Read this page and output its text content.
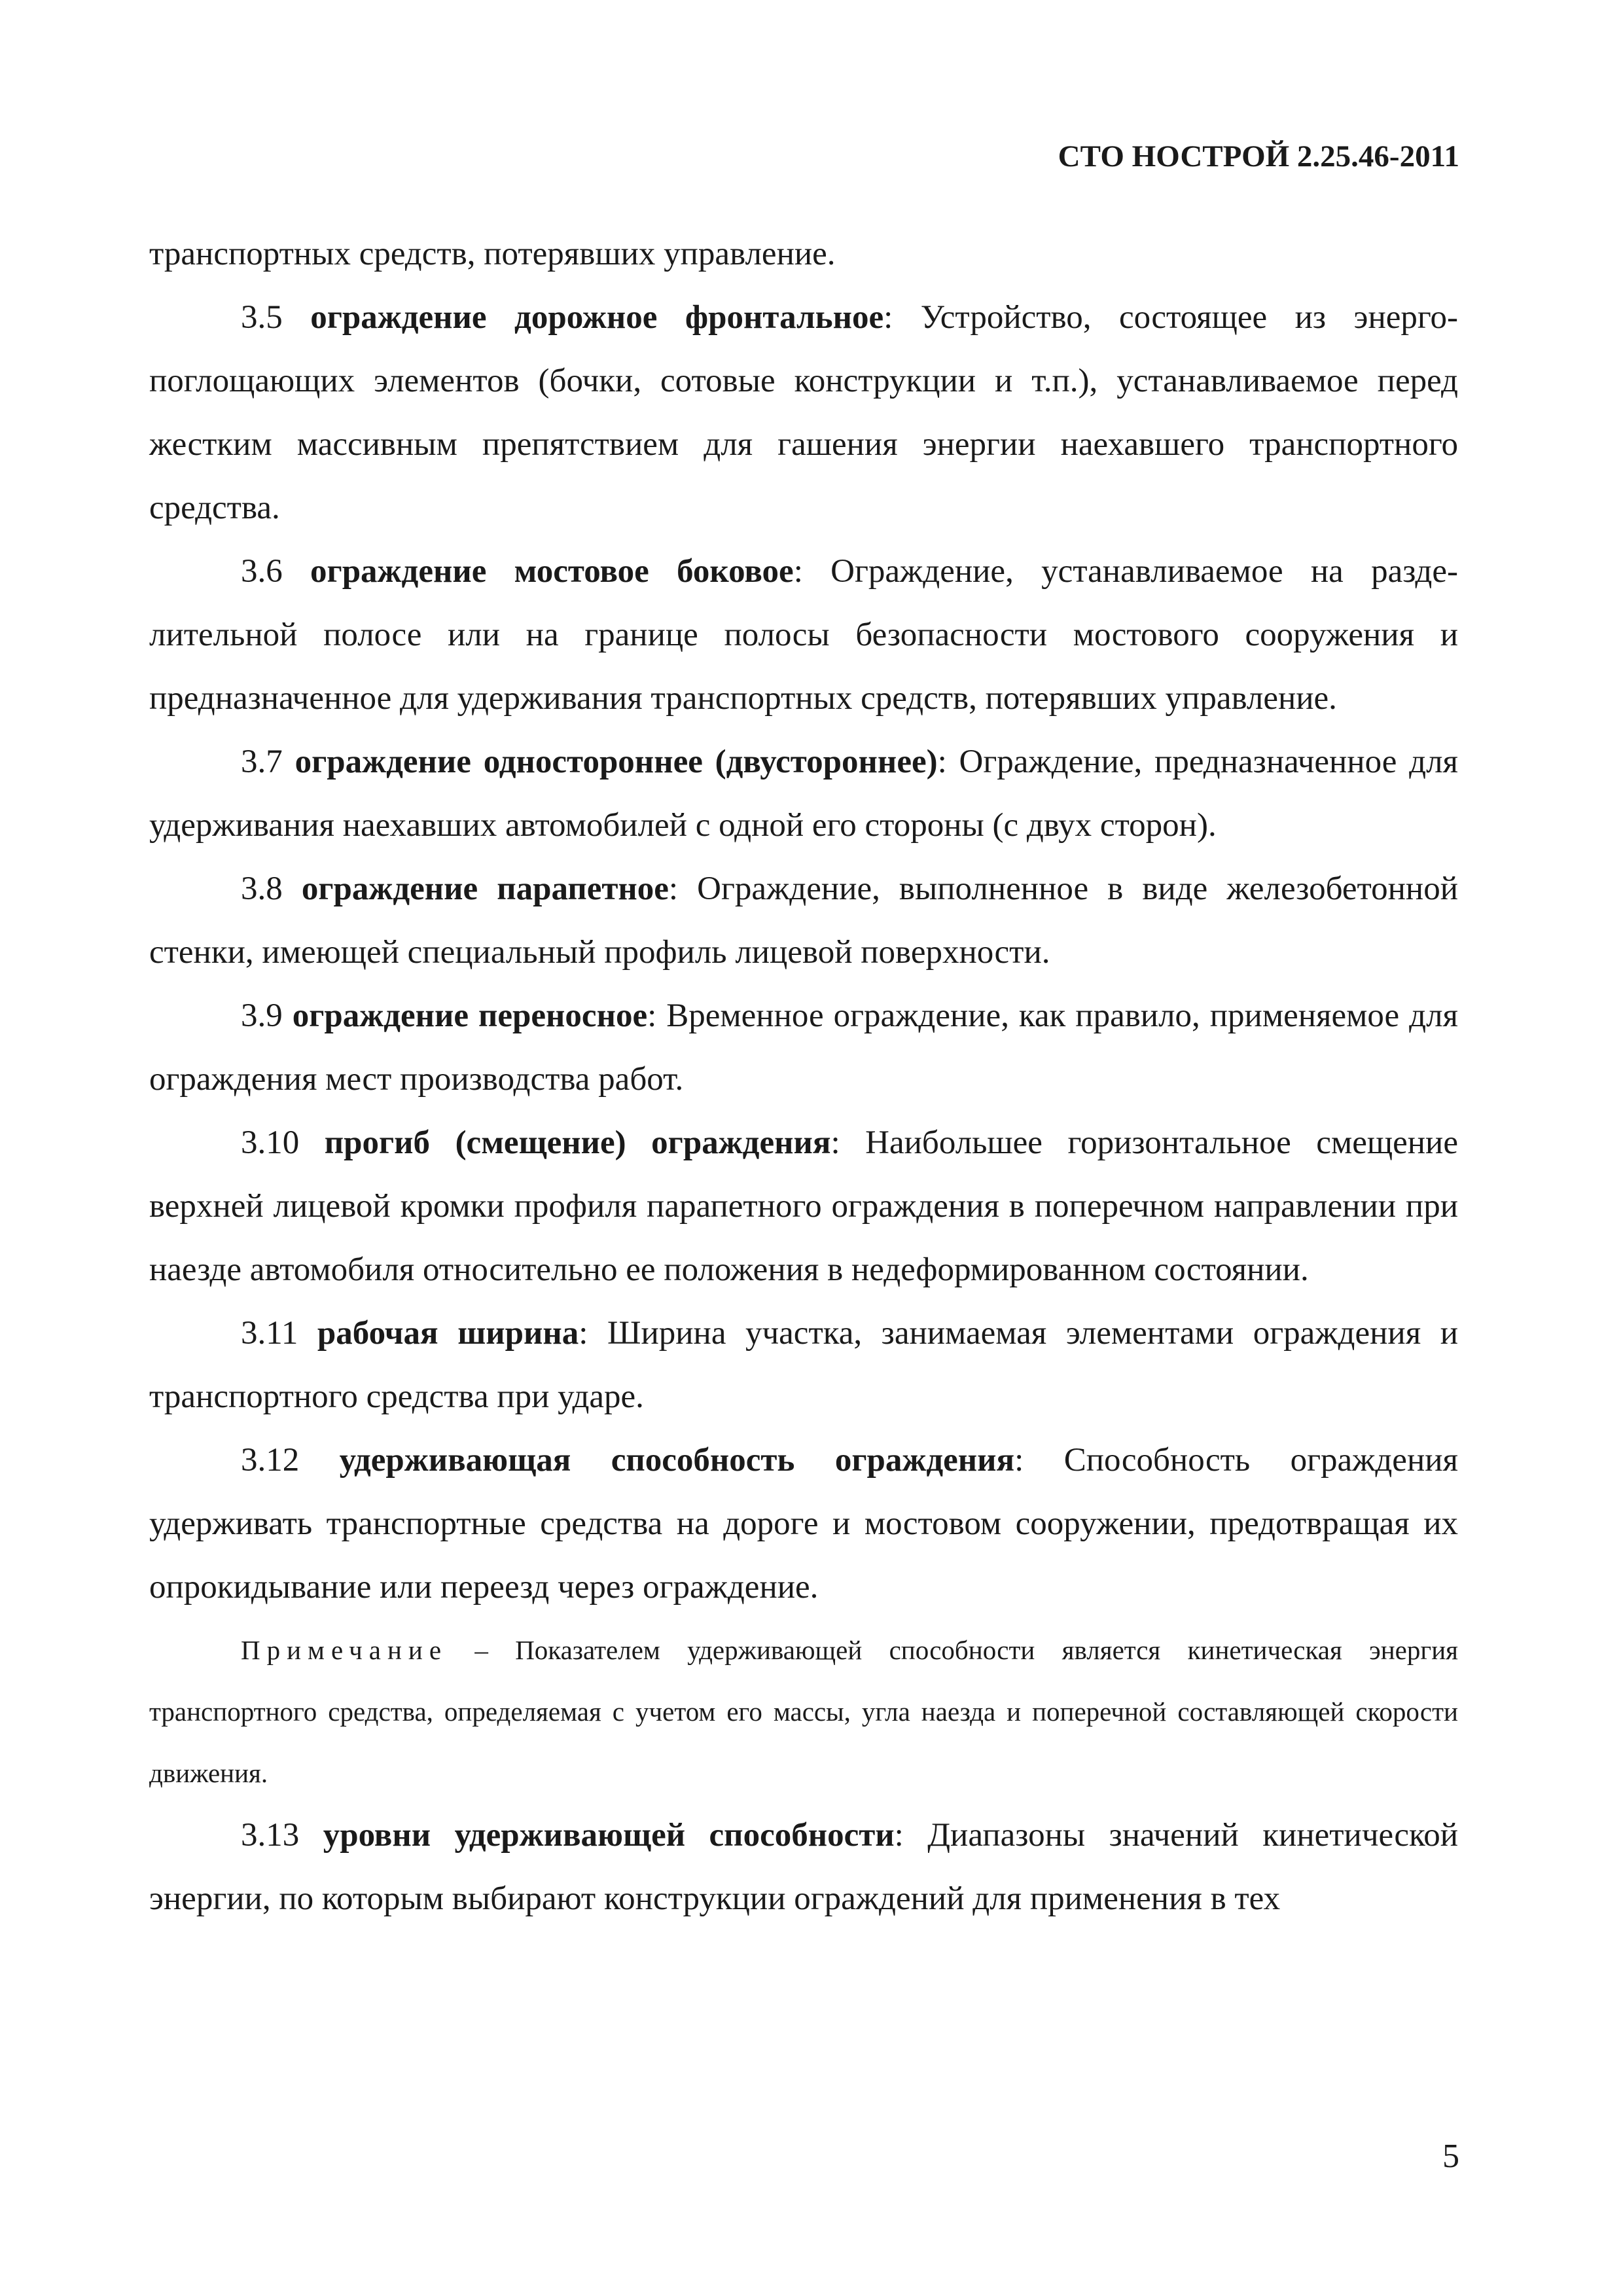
СТО НОСТРОЙ 2.25.46-2011

транспортных средств, потерявших управление.

3.5 ограждение дорожное фронтальное: Устройство, состоящее из энергопоглощающих элементов (бочки, сотовые конструкции и т.п.), устанавливаемое перед жестким массивным препятствием для гашения энергии наехавшего транспортного средства.

3.6 ограждение мостовое боковое: Ограждение, устанавливаемое на разделительной полосе или на границе полосы безопасности мостового сооружения и предназначенное для удерживания транспортных средств, потерявших управление.

3.7 ограждение одностороннее (двустороннее): Ограждение, предназначенное для удерживания наехавших автомобилей с одной его стороны (с двух сторон).

3.8 ограждение парапетное: Ограждение, выполненное в виде железобетонной стенки, имеющей специальный профиль лицевой поверхности.

3.9 ограждение переносное: Временное ограждение, как правило, применяемое для ограждения мест производства работ.

3.10 прогиб (смещение) ограждения: Наибольшее горизонтальное смещение верхней лицевой кромки профиля парапетного ограждения в поперечном направлении при наезде автомобиля относительно ее положения в недеформированном состоянии.

3.11 рабочая ширина: Ширина участка, занимаемая элементами ограждения и транспортного средства при ударе.

3.12 удерживающая способность ограждения: Способность ограждения удерживать транспортные средства на дороге и мостовом сооружении, предотвращая их опрокидывание или переезд через ограждение.

Примечание – Показателем удерживающей способности является кинетическая энергия транспортного средства, определяемая с учетом его массы, угла наезда и поперечной составляющей скорости движения.

3.13 уровни удерживающей способности: Диапазоны значений кинетической энергии, по которым выбирают конструкции ограждений для применения в тех

5
